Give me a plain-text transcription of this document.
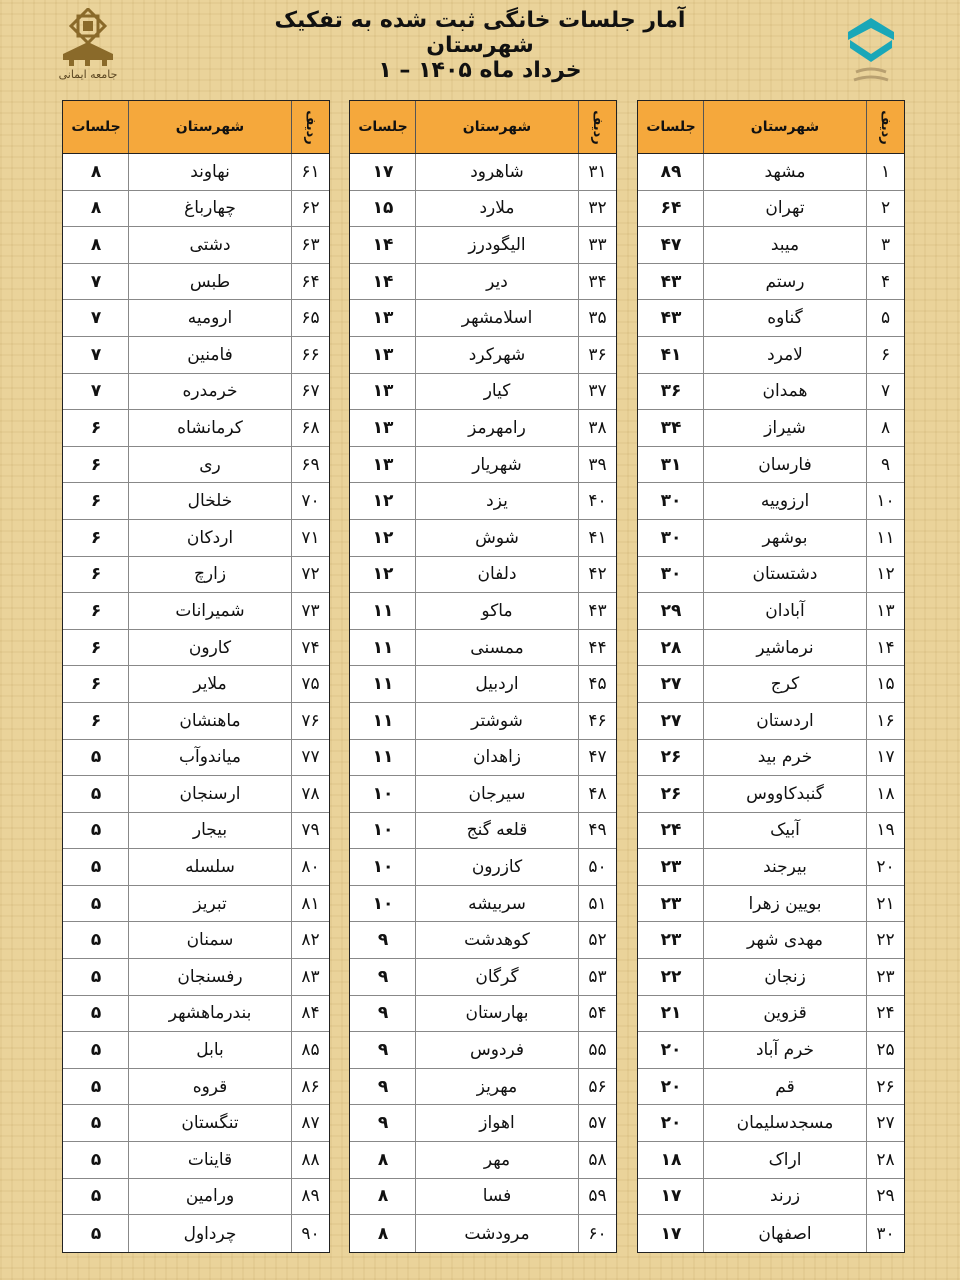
جامعه ایمانی
آمار جلسات خانگی ثبت شده به تفکیک شهرستان
خرداد ماه ۱۴۰۵ – ۱
ردیف
شهرستان
جلسات
۱
مشهد
۸۹
۲
تهران
۶۴
۳
میبد
۴۷
۴
رستم
۴۳
۵
گناوه
۴۳
۶
لامرد
۴۱
۷
همدان
۳۶
۸
شیراز
۳۴
۹
فارسان
۳۱
۱۰
ارزوییه
۳۰
۱۱
بوشهر
۳۰
۱۲
دشتستان
۳۰
۱۳
آبادان
۲۹
۱۴
نرماشیر
۲۸
۱۵
کرج
۲۷
۱۶
اردستان
۲۷
۱۷
خرم بید
۲۶
۱۸
گنبدکاووس
۲۶
۱۹
آبیک
۲۴
۲۰
بیرجند
۲۳
۲۱
بویین زهرا
۲۳
۲۲
مهدی شهر
۲۳
۲۳
زنجان
۲۲
۲۴
قزوین
۲۱
۲۵
خرم آباد
۲۰
۲۶
قم
۲۰
۲۷
مسجدسلیمان
۲۰
۲۸
اراک
۱۸
۲۹
زرند
۱۷
۳۰
اصفهان
۱۷
ردیف
شهرستان
جلسات
۳۱
شاهرود
۱۷
۳۲
ملارد
۱۵
۳۳
الیگودرز
۱۴
۳۴
دیر
۱۴
۳۵
اسلامشهر
۱۳
۳۶
شهرکرد
۱۳
۳۷
کیار
۱۳
۳۸
رامهرمز
۱۳
۳۹
شهریار
۱۳
۴۰
یزد
۱۲
۴۱
شوش
۱۲
۴۲
دلفان
۱۲
۴۳
ماکو
۱۱
۴۴
ممسنی
۱۱
۴۵
اردبیل
۱۱
۴۶
شوشتر
۱۱
۴۷
زاهدان
۱۱
۴۸
سیرجان
۱۰
۴۹
قلعه گنج
۱۰
۵۰
کازرون
۱۰
۵۱
سربیشه
۱۰
۵۲
کوهدشت
۹
۵۳
گرگان
۹
۵۴
بهارستان
۹
۵۵
فردوس
۹
۵۶
مهریز
۹
۵۷
اهواز
۹
۵۸
مهر
۸
۵۹
فسا
۸
۶۰
مرودشت
۸
ردیف
شهرستان
جلسات
۶۱
نهاوند
۸
۶۲
چهارباغ
۸
۶۳
دشتی
۸
۶۴
طبس
۷
۶۵
ارومیه
۷
۶۶
فامنین
۷
۶۷
خرمدره
۷
۶۸
کرمانشاه
۶
۶۹
ری
۶
۷۰
خلخال
۶
۷۱
اردکان
۶
۷۲
زارچ
۶
۷۳
شمیرانات
۶
۷۴
کارون
۶
۷۵
ملایر
۶
۷۶
ماهنشان
۶
۷۷
میاندوآب
۵
۷۸
ارسنجان
۵
۷۹
بیجار
۵
۸۰
سلسله
۵
۸۱
تبریز
۵
۸۲
سمنان
۵
۸۳
رفسنجان
۵
۸۴
بندرماهشهر
۵
۸۵
بابل
۵
۸۶
قروه
۵
۸۷
تنگستان
۵
۸۸
قاینات
۵
۸۹
ورامین
۵
۹۰
چرداول
۵
